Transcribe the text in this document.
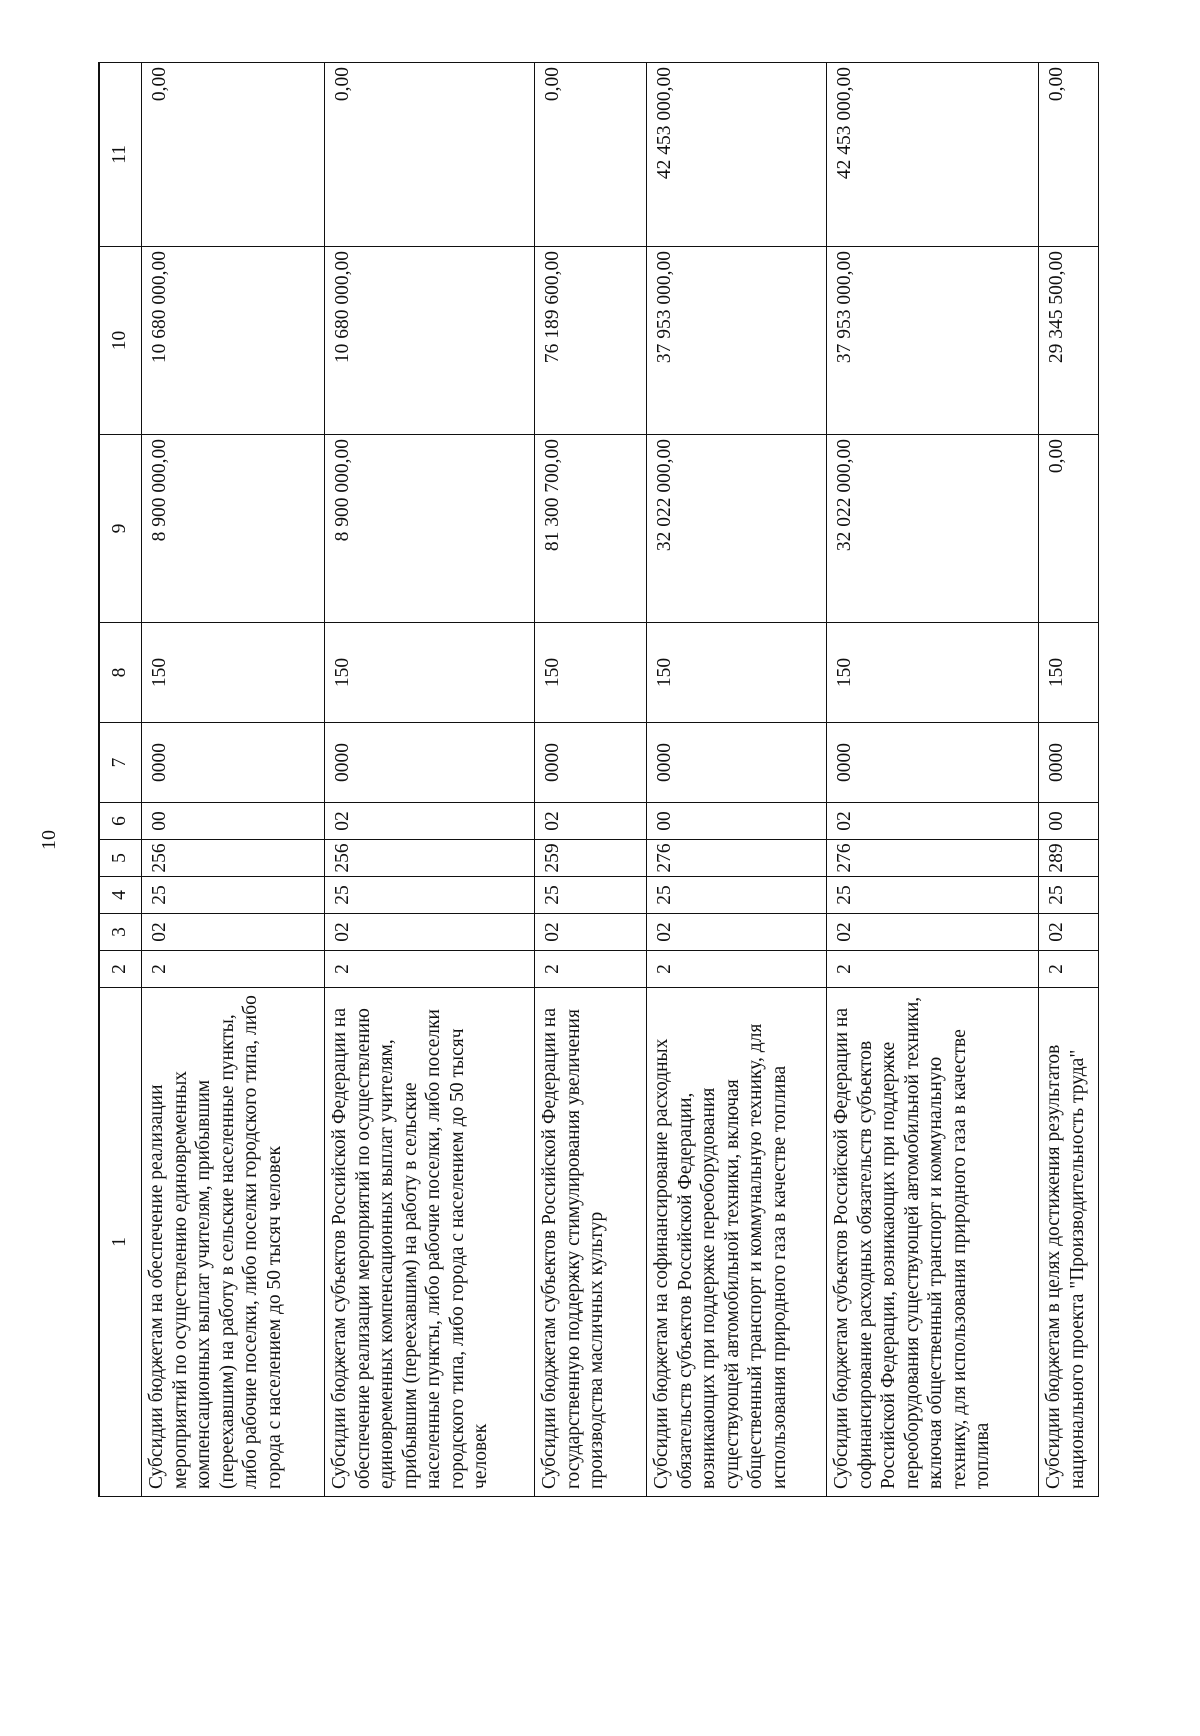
10
1
2
3
4
5
6
7
8
9
10
11
Субсидии бюджетам на обеспечение реализации
мероприятий по осуществлению единовременных
компенсационных выплат учителям, прибывшим
(переехавшим) на работу в сельские населенные пункты,
либо рабочие поселки, либо поселки городского типа, либо
города с населением до 50 тысяч человек
2
02
25
256
00
0000
150
8 900 000,00
10 680 000,00
0,00
Субсидии бюджетам субъектов Российской Федерации на
обеспечение реализации мероприятий по осуществлению
единовременных компенсационных выплат учителям,
прибывшим (переехавшим) на работу в сельские
населенные пункты, либо рабочие поселки, либо поселки
городского типа, либо города с населением до 50 тысяч
человек
2
02
25
256
02
0000
150
8 900 000,00
10 680 000,00
0,00
Субсидии бюджетам субъектов Российской Федерации на
государственную поддержку стимулирования увеличения
производства масличных культур
2
02
25
259
02
0000
150
81 300 700,00
76 189 600,00
0,00
Субсидии бюджетам на софинансирование расходных
обязательств субъектов Российской Федерации,
возникающих при поддержке переоборудования
существующей автомобильной техники, включая
общественный транспорт и коммунальную технику, для
использования природного газа в качестве топлива
2
02
25
276
00
0000
150
32 022 000,00
37 953 000,00
42 453 000,00
Субсидии бюджетам субъектов Российской Федерации на
софинансирование расходных обязательств субъектов
Российской Федерации, возникающих при поддержке
переоборудования существующей автомобильной техники,
включая общественный транспорт и коммунальную
технику, для использования природного газа в качестве
топлива
2
02
25
276
02
0000
150
32 022 000,00
37 953 000,00
42 453 000,00
Субсидии бюджетам в целях достижения результатов
национального проекта "Производительность труда"
2
02
25
289
00
0000
150
0,00
29 345 500,00
0,00
